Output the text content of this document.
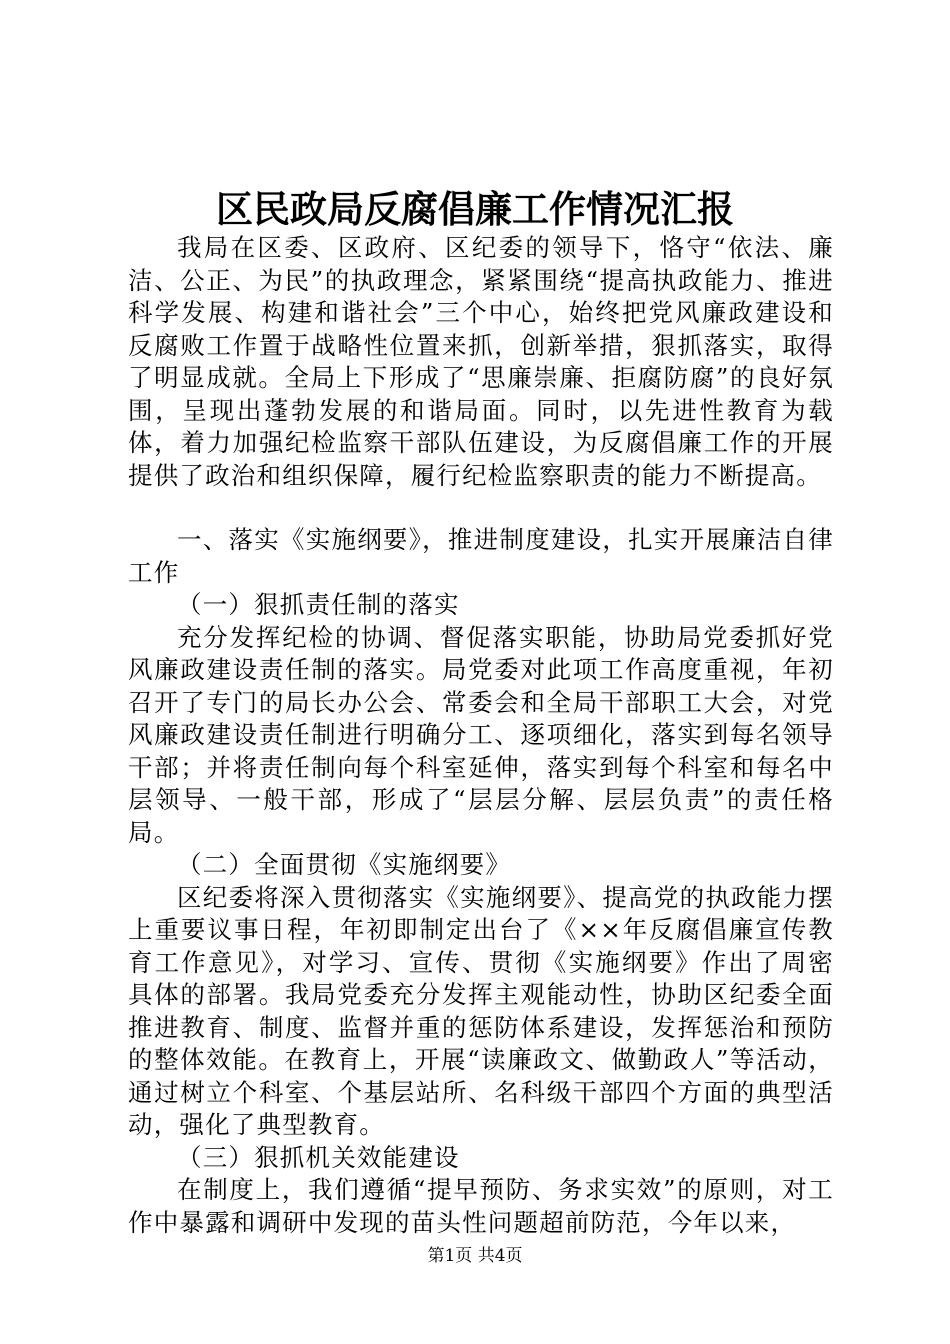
区民政局反腐倡廉工作情况汇报

我局在区委、区政府、区纪委的领导下，恪守“依法、廉洁、公正、为民”的执政理念，紧紧围绕“提高执政能力、推进科学发展、构建和谐社会”三个中心，始终把党风廉政建设和反腐败工作置于战略性位置来抓，创新举措，狠抓落实，取得了明显成就。全局上下形成了“思廉崇廉、拒腐防腐”的良好氛围，呈现出蓬勃发展的和谐局面。同时，以先进性教育为载体，着力加强纪检监察干部队伍建设，为反腐倡廉工作的开展提供了政治和组织保障，履行纪检监察职责的能力不断提高。

一、落实《实施纲要》，推进制度建设，扎实开展廉洁自律工作

（一）狠抓责任制的落实

充分发挥纪检的协调、督促落实职能，协助局党委抓好党风廉政建设责任制的落实。局党委对此项工作高度重视，年初召开了专门的局长办公会、常委会和全局干部职工大会，对党风廉政建设责任制进行明确分工、逐项细化，落实到每名领导干部；并将责任制向每个科室延伸，落实到每个科室和每名中层领导、一般干部，形成了“层层分解、层层负责”的责任格局。

（二）全面贯彻《实施纲要》

区纪委将深入贯彻落实《实施纲要》、提高党的执政能力摆上重要议事日程，年初即制定出台了《××年反腐倡廉宣传教育工作意见》，对学习、宣传、贯彻《实施纲要》作出了周密具体的部署。我局党委充分发挥主观能动性，协助区纪委全面推进教育、制度、监督并重的惩防体系建设，发挥惩治和预防的整体效能。在教育上，开展“读廉政文、做勤政人”等活动，通过树立个科室、个基层站所、名科级干部四个方面的典型活动，强化了典型教育。

（三）狠抓机关效能建设

在制度上，我们遵循“提早预防、务求实效”的原则，对工作中暴露和调研中发现的苗头性问题超前防范，今年以来，

第1页 共4页
